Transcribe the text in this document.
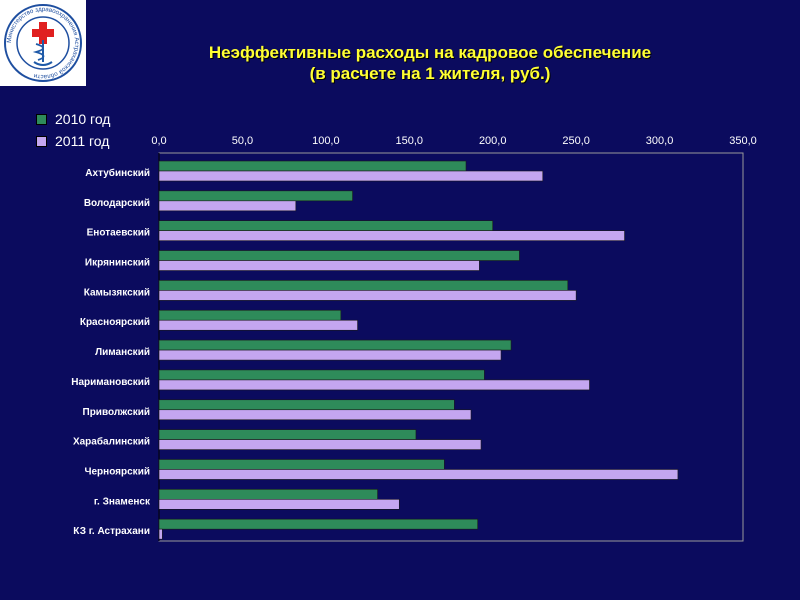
Министерство здравоохранения Астраханской области
Неэффективные расходы на кадровое обеспечение
(в расчете на 1 жителя, руб.)
2010 год
2011 год	0,0	50,0	100,0	150,0	200,0	250,0	300,0	350,0
Ахтубинский
Володарский
Енотаевский
Икрянинский
Камызякский
Красноярский
Лиманский
Наримановский
Приволжский
Харабалинский
Черноярский
г. Знаменск
КЗ г. Астрахани
